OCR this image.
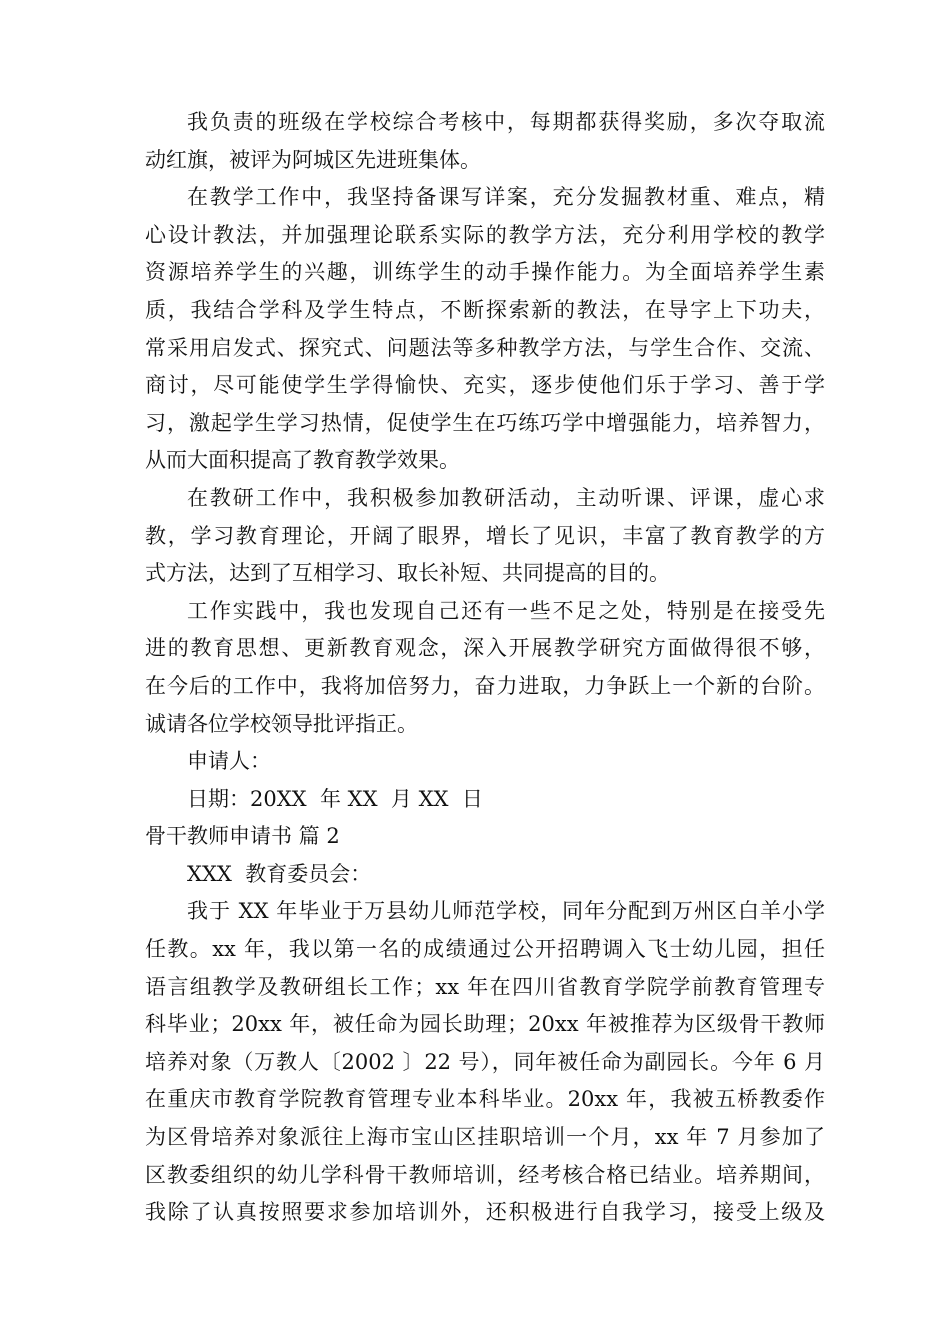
我负责的班级在学校综合考核中，每期都获得奖励，多次夺取流
动红旗，被评为阿城区先进班集体。
在教学工作中，我坚持备课写详案，充分发掘教材重、难点，精
心设计教法，并加强理论联系实际的教学方法，充分利用学校的教学
资源培养学生的兴趣，训练学生的动手操作能力。为全面培养学生素
质，我结合学科及学生特点，不断探索新的教法，在导字上下功夫，
常采用启发式、探究式、问题法等多种教学方法，与学生合作、交流、
商讨，尽可能使学生学得愉快、充实，逐步使他们乐于学习、善于学
习，激起学生学习热情，促使学生在巧练巧学中增强能力，培养智力，
从而大面积提高了教育教学效果。
在教研工作中，我积极参加教研活动，主动听课、评课，虚心求
教，学习教育理论，开阔了眼界，增长了见识，丰富了教育教学的方
式方法，达到了互相学习、取长补短、共同提高的目的。
工作实践中，我也发现自己还有一些不足之处，特别是在接受先
进的教育思想、更新教育观念，深入开展教学研究方面做得很不够，
在今后的工作中，我将加倍努力，奋力进取，力争跃上一个新的台阶。
诚请各位学校领导批评指正。
申请人：
日期：20XX  年 XX  月 XX  日
骨干教师申请书 篇 2
XXX  教育委员会：
我于 XX 年毕业于万县幼儿师范学校，同年分配到万州区白羊小学
任教。xx 年，我以第一名的成绩通过公开招聘调入飞士幼儿园，担任
语言组教学及教研组长工作；xx 年在四川省教育学院学前教育管理专
科毕业；20xx 年，被任命为园长助理；20xx 年被推荐为区级骨干教师
培养对象（万教人〔2002 〕22 号），同年被任命为副园长。今年 6 月
在重庆市教育学院教育管理专业本科毕业。20xx 年，我被五桥教委作
为区骨培养对象派往上海市宝山区挂职培训一个月，xx 年 7 月参加了
区教委组织的幼儿学科骨干教师培训，经考核合格已结业。培养期间，
我除了认真按照要求参加培训外，还积极进行自我学习，接受上级及
